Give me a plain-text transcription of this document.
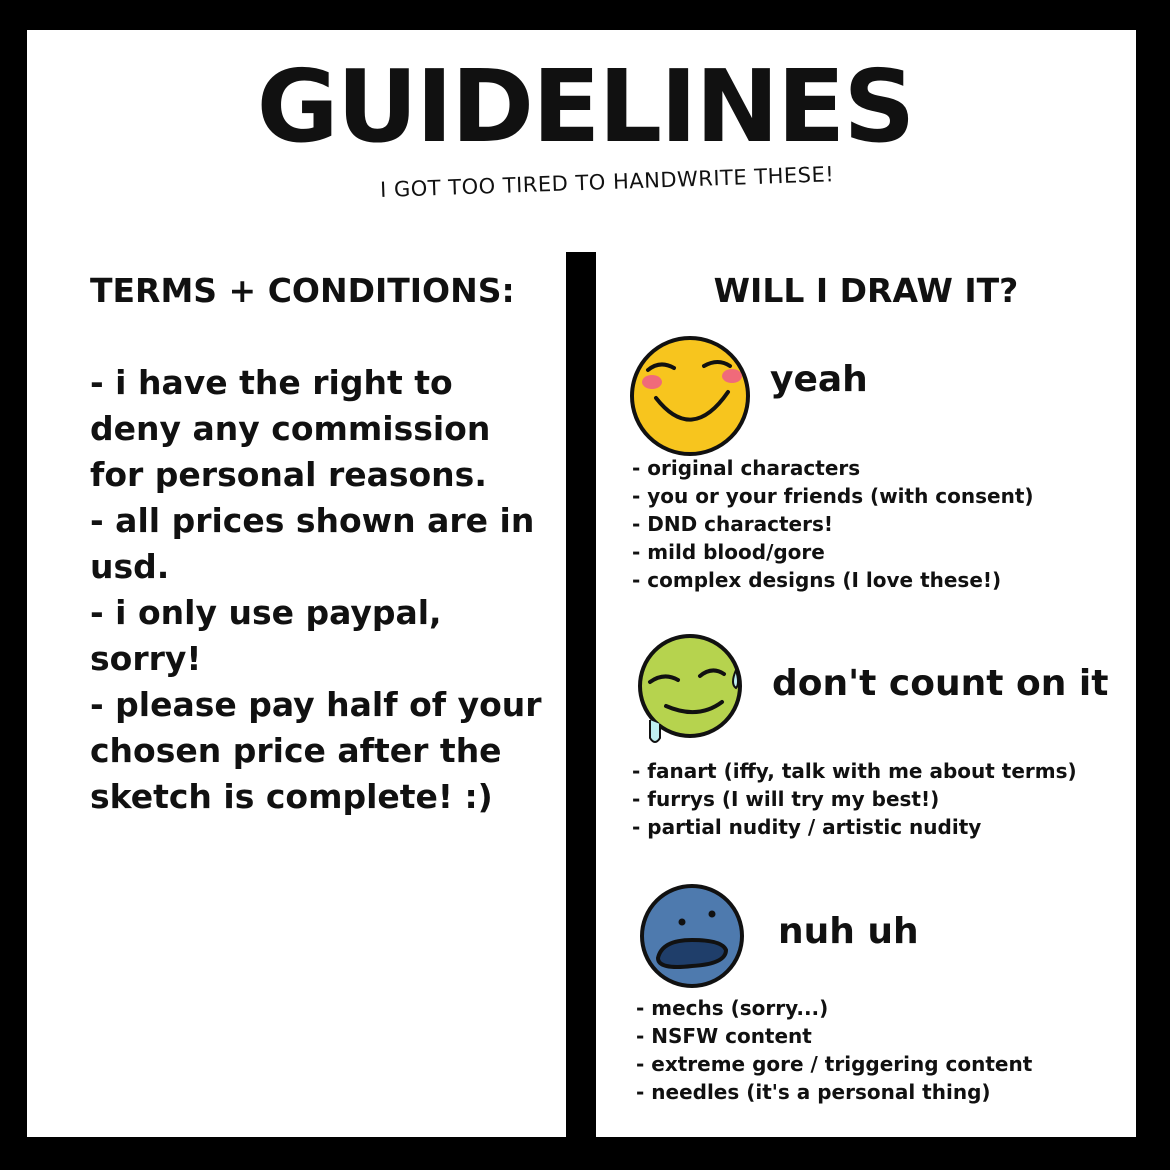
GUIDELINES
I GOT TOO TIRED TO HANDWRITE THESE!
TERMS + CONDITIONS:
- i have the right to deny any commission for personal reasons.
- all prices shown are in usd.
- i only use paypal, sorry!
- please pay half of your chosen price after the sketch is complete! :)
WILL I DRAW IT?
yeah
- original characters
- you or your friends (with consent)
- DND characters!
- mild blood/gore
- complex designs (I love these!)
don't count on it
- fanart (iffy, talk with me about terms)
- furrys (I will try my best!)
- partial nudity / artistic nudity
nuh uh
- mechs (sorry...)
- NSFW content
- extreme gore / triggering content
- needles (it's a personal thing)
